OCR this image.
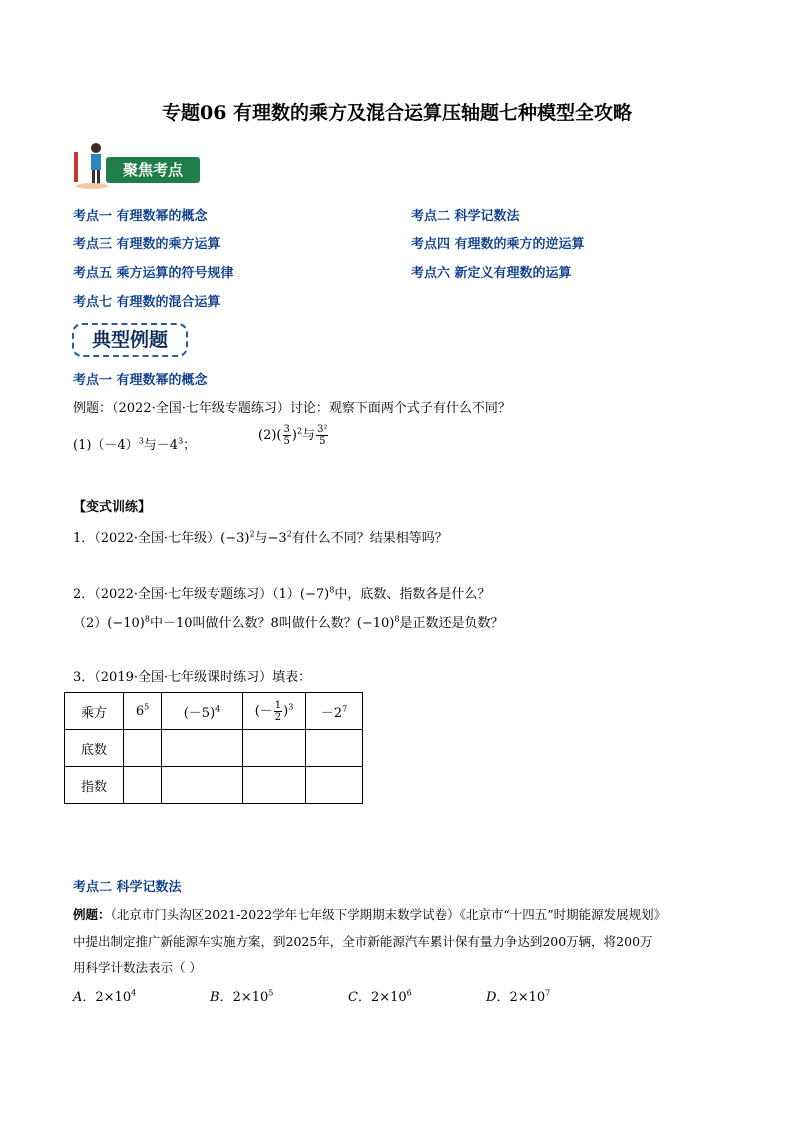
专题06 有理数的乘方及混合运算压轴题七种模型全攻略
聚焦考点
考点一 有理数幂的概念	考点二 科学记数法
考点三 有理数的乘方运算	考点四 有理数的乘方的逆运算
考点五 乘方运算的符号规律	考点六 新定义有理数的运算
考点七 有理数的混合运算
典型例题
考点一 有理数幂的概念
例题：（2022·全国·七年级专题练习）讨论：观察下面两个式子有什么不同？
$(1)(-4)^3$与$-4^3$；
$(2)( \frac{3}{5} )^2$与 $\frac{\text{3²}}{5}$
【变式训练】
1．（2022·全国·七年级）$(-3)^2$与$-3^2$有什么不同？结果相等吗？
2．（2022·全国·七年级专题练习）$(1)(-7)^8$中，底数、指数各是什么？
$(2)(-10)^8$中－10叫做什么数？8叫做什么数？$(-10)^8$是正数还是负数？
3．（2019·全国·七年级课时练习）填表：
乘方	$6^5$	$(-5)^4$	(－ $\frac{1}{2} )^3$	$-2^7$
底数				
指数				
考点二 科学记数法
例题：（北京市门头沟区2021-2022学年七年级下学期期末数学试卷）《北京市“十四五”时期能源发展规划》
中提出制定推广新能源车实施方案，到2025年，全市新能源汽车累计保有量力争达到200万辆，将200万
用科学计数法表示（ ）
A．$2\times 10^4$	B．$2\times 10^5$	C．$2\times 10^6$	D．$2\times 10^7$
